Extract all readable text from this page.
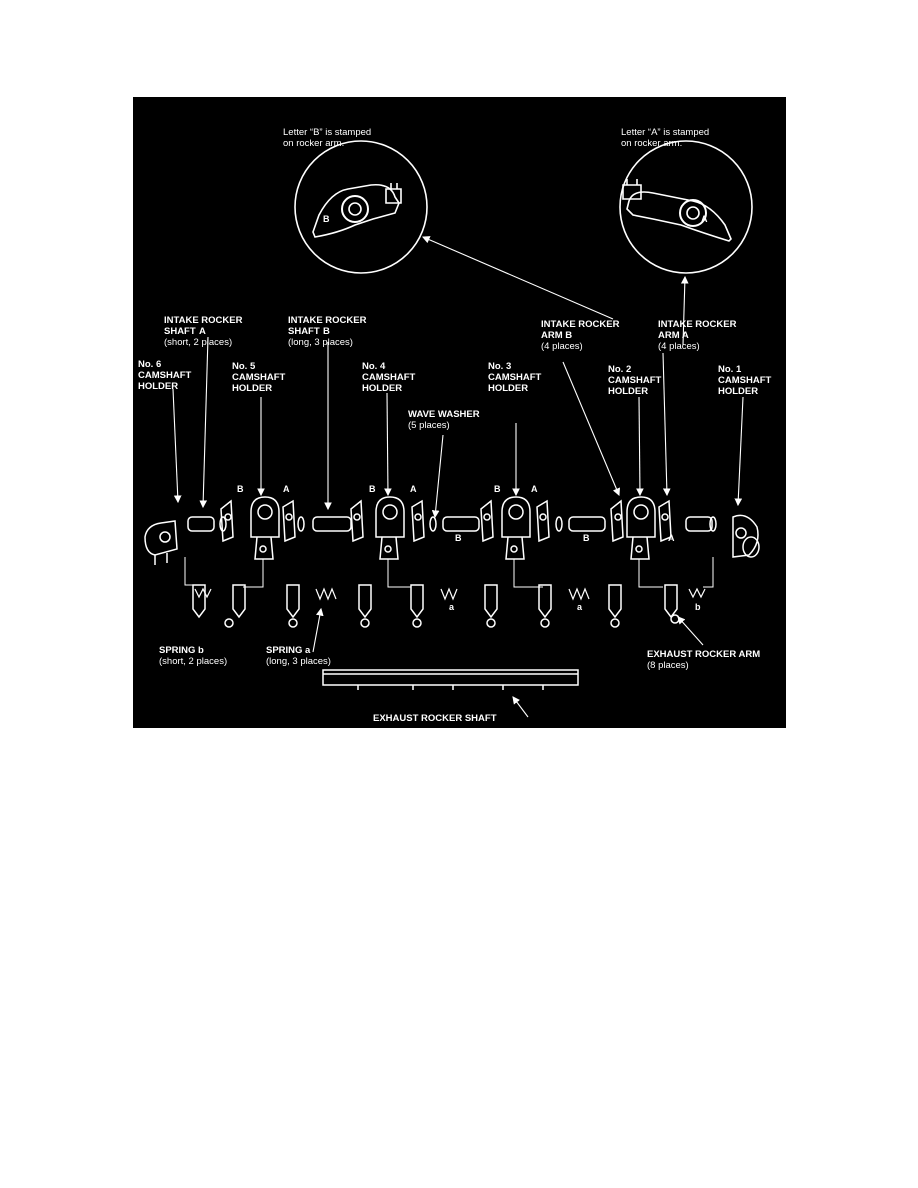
Letter “B” is stamped
on rocker arm.
B
Letter “A” is stamped
on rocker arm.
A
INTAKE ROCKER
SHAFT A
(short, 2 places)
INTAKE ROCKER
SHAFT B
(long, 3 places)
INTAKE ROCKER
ARM B
(4 places)
INTAKE ROCKER
ARM A
(4 places)
No. 6
CAMSHAFT
HOLDER
No. 5
CAMSHAFT
HOLDER
No. 4
CAMSHAFT
HOLDER
No. 3
CAMSHAFT
HOLDER
No. 2
CAMSHAFT
HOLDER
No. 1
CAMSHAFT
HOLDER
WAVE WASHER
(5 places)
SPRING b
(short, 2 places)
SPRING a
(long, 3 places)
EXHAUST ROCKER ARM
(8 places)
EXHAUST ROCKER SHAFT
B	A	B	A	B	A
B	B	A
a	a	b
